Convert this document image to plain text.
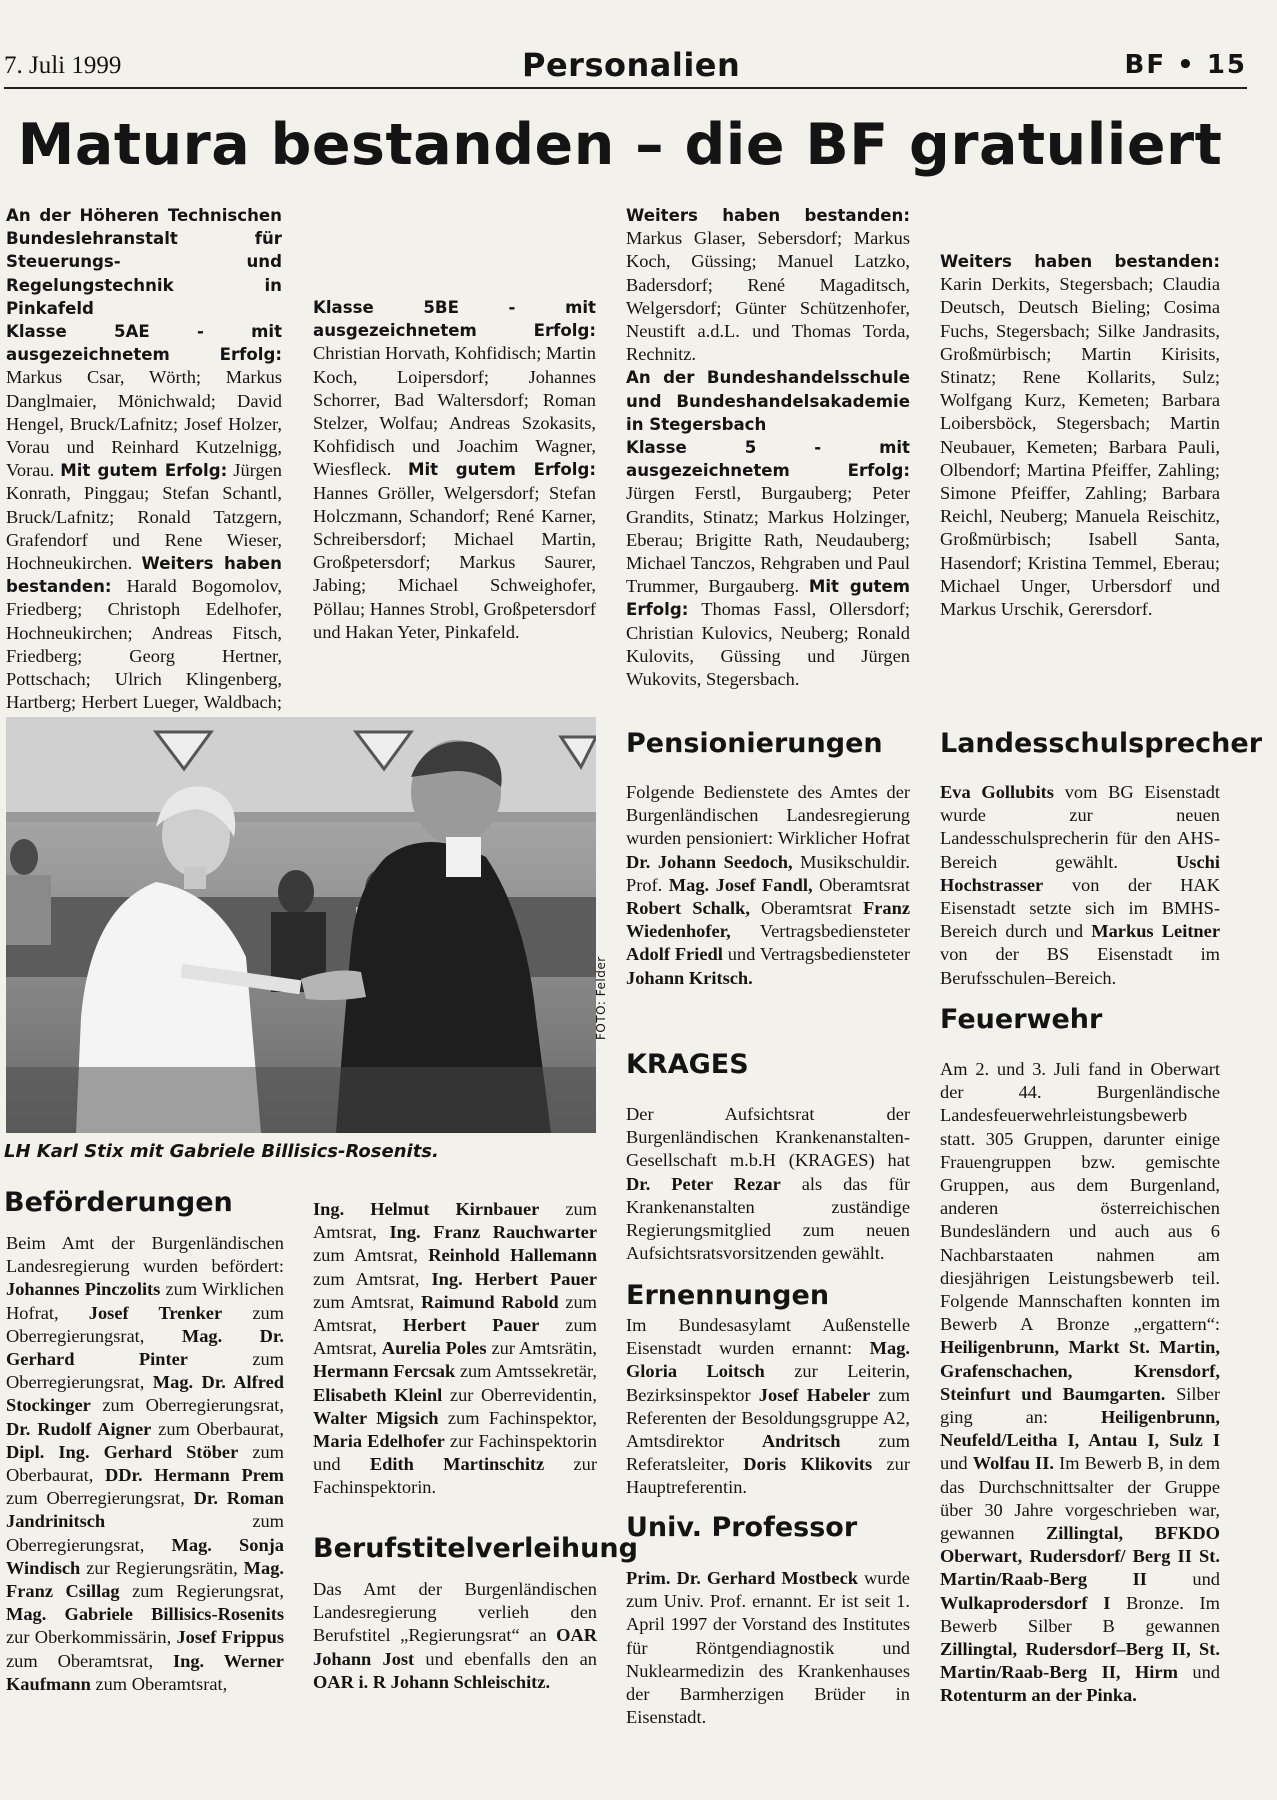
7. Juli 1999	Personalien	BF • 15
Matura bestanden – die BF gratuliert

An der Höheren Technischen Bundeslehranstalt für Steuerungs- und Regelungstechnik in Pinkafeld

Klasse 5AE - mit ausgezeichnetem Erfolg: Markus Csar, Wörth; Markus Danglmaier, Mönichwald; David Hengel, Bruck/Lafnitz; Josef Holzer, Vorau und Reinhard Kutzelnigg, Vorau. Mit gutem Erfolg: Jürgen Konrath, Pinggau; Stefan Schantl, Bruck/Lafnitz; Ronald Tatzgern, Grafendorf und Rene Wieser, Hochneukirchen. Weiters haben bestanden: Harald Bogomolov, Friedberg; Christoph Edelhofer, Hochneukirchen; Andreas Fitsch, Friedberg; Georg Hertner, Pottschach; Ulrich Klingenberg, Hartberg; Herbert Lueger, Waldbach;

Klasse 5BE - mit ausgezeichnetem Erfolg: Christian Horvath, Kohfidisch; Martin Koch, Loipersdorf; Johannes Schorrer, Bad Waltersdorf; Roman Stelzer, Wolfau; Andreas Szokasits, Kohfidisch und Joachim Wagner, Wiesfleck. Mit gutem Erfolg: Hannes Gröller, Welgersdorf; Stefan Holczmann, Schandorf; René Karner, Schreibersdorf; Michael Martin, Großpetersdorf; Markus Saurer, Jabing; Michael Schweighofer, Pöllau; Hannes Strobl, Großpetersdorf und Hakan Yeter, Pinkafeld.

Weiters haben bestanden: Markus Glaser, Sebersdorf; Markus Koch, Güssing; Manuel Latzko, Badersdorf; René Magaditsch, Welgersdorf; Günter Schützenhofer, Neustift a.d.L. und Thomas Torda, Rechnitz.

An der Bundeshandelsschule und Bundeshandelsakademie in Stegersbach

Klasse 5 - mit ausgezeichnetem Erfolg: Jürgen Ferstl, Burgauberg; Peter Grandits, Stinatz; Markus Holzinger, Eberau; Brigitte Rath, Neudauberg; Michael Tanczos, Rehgraben und Paul Trummer, Burgauberg. Mit gutem Erfolg: Thomas Fassl, Ollersdorf; Christian Kulovics, Neuberg; Ronald Kulovits, Güssing und Jürgen Wukovits, Stegersbach.

Weiters haben bestanden: Karin Derkits, Stegersbach; Claudia Deutsch, Deutsch Bieling; Cosima Fuchs, Stegersbach; Silke Jandrasits, Großmürbisch; Martin Kirisits, Stinatz; Rene Kollarits, Sulz; Wolfgang Kurz, Kemeten; Barbara Loibersböck, Stegersbach; Martin Neubauer, Kemeten; Barbara Pauli, Olbendorf; Martina Pfeiffer, Zahling; Simone Pfeiffer, Zahling; Barbara Reichl, Neuberg; Manuela Reischitz, Großmürbisch; Isabell Santa, Hasendorf; Kristina Temmel, Eberau; Michael Unger, Urbersdorf und Markus Urschik, Gerersdorf.

FOTO: Felder
LH Karl Stix mit Gabriele Billisics-Rosenits.
Beförderungen

Beim Amt der Burgenländischen Landesregierung wurden befördert: Johannes Pinczolits zum Wirklichen Hofrat, Josef Trenker zum Oberregierungsrat, Mag. Dr. Gerhard Pinter	zum Oberregierungsrat, Mag. Dr. Alfred Stockinger zum Oberregierungsrat, Dr. Rudolf Aigner zum Oberbaurat, Dipl. Ing. Gerhard Stöber zum Oberbaurat, DDr. Hermann Prem zum Oberregierungsrat, Dr. Roman Jandrinitsch	zum Oberregierungsrat, Mag. Sonja Windisch zur Regierungsrätin, Mag. Franz Csillag zum Regierungsrat, Mag. Gabriele Billisics-Rosenits zur Oberkommissärin, Josef Frippus zum Oberamtsrat, Ing. Werner Kaufmann zum Oberamtsrat,

Ing. Helmut Kirnbauer zum Amtsrat, Ing. Franz Rauchwarter zum Amtsrat, Reinhold Hallemann zum Amtsrat, Ing. Herbert Pauer zum Amtsrat, Raimund Rabold zum Amtsrat, Herbert Pauer zum Amtsrat, Aurelia Poles zur Amtsrätin, Hermann Fercsak zum Amtssekretär, Elisabeth Kleinl zur Oberrevidentin, Walter Migsich zum Fachinspektor, Maria Edelhofer zur Fachinspektorin und Edith Martinschitz zur Fachinspektorin.

Berufstitelverleihung

Das Amt der Burgenländischen Landesregierung verlieh den Berufstitel „Regierungsrat“ an OAR Johann Jost und ebenfalls den an OAR i. R Johann Schleischitz.

Pensionierungen

Folgende Bedienstete des Amtes der Burgenländischen Landesregierung wurden pensioniert: Wirklicher Hofrat Dr. Johann Seedoch, Musikschuldir. Prof. Mag. Josef Fandl, Oberamtsrat Robert Schalk, Oberamtsrat Franz Wiedenhofer, Vertragsbediensteter Adolf Friedl und Vertragsbediensteter Johann Kritsch.

KRAGES

Der Aufsichtsrat der Burgenländischen Krankenanstalten-Gesellschaft m.b.H (KRAGES) hat Dr. Peter Rezar als das für Krankenanstalten zuständige Regierungsmitglied zum neuen Aufsichtsratsvorsitzenden gewählt.

Ernennungen

Im Bundesasylamt Außenstelle Eisenstadt wurden ernannt: Mag. Gloria Loitsch zur Leiterin, Bezirksinspektor Josef Habeler zum Referenten der Besoldungsgruppe A2, Amtsdirektor Andritsch zum Referatsleiter, Doris Klikovits zur Hauptreferentin.

Univ. Professor

Prim. Dr. Gerhard Mostbeck wurde zum Univ. Prof. ernannt. Er ist seit 1. April 1997 der Vorstand des Institutes für Röntgendiagnostik und Nuklearmedizin des Krankenhauses der Barmherzigen Brüder in Eisenstadt.

Landesschulsprecher

Eva Gollubits vom BG Eisenstadt wurde zur neuen Landesschulsprecherin für den AHS-Bereich gewählt.	Uschi Hochstrasser von der HAK Eisenstadt setzte sich im BMHS-Bereich durch und Markus Leitner von der BS Eisenstadt im Berufsschulen–Bereich.

Feuerwehr

Am 2. und 3. Juli fand in Oberwart der 44. Burgenländische Landesfeuerwehrleistungsbewerb statt. 305 Gruppen, darunter einige Frauengruppen bzw. gemischte Gruppen, aus dem Burgenland, anderen österreichischen Bundesländern und auch aus 6 Nachbarstaaten nahmen am diesjährigen Leistungsbewerb teil. Folgende Mannschaften konnten im Bewerb A Bronze „ergattern“: Heiligenbrunn, Markt St. Martin, Grafenschachen, Krensdorf, Steinfurt und Baumgarten. Silber ging an:	Heiligenbrunn, Neufeld/Leitha I, Antau I, Sulz I und Wolfau II. Im Bewerb B, in dem das Durchschnittsalter der Gruppe über 30 Jahre vorgeschrieben war, gewannen Zillingtal, BFKDO Oberwart, Rudersdorf/ Berg II St. Martin/Raab-Berg II und Wulkaprodersdorf I Bronze. Im Bewerb Silber B gewannen Zillingtal, Rudersdorf–Berg II, St. Martin/Raab-Berg II, Hirm und Rotenturm an der Pinka.
